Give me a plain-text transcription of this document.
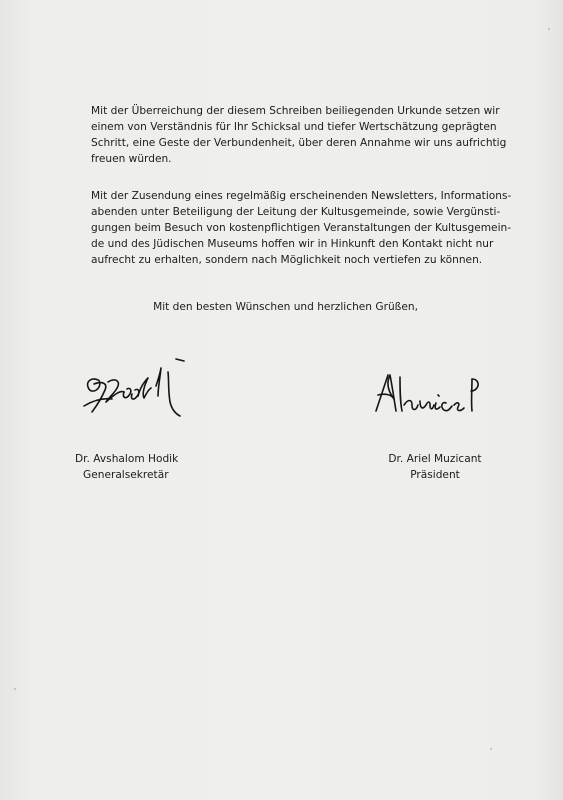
Mit der Überreichung der diesem Schreiben beiliegenden Urkunde setzen wir
einem von Verständnis für Ihr Schicksal und tiefer Wertschätzung geprägten
Schritt, eine Geste der Verbundenheit, über deren Annahme wir uns aufrichtig
freuen würden.

Mit der Zusendung eines regelmäßig erscheinenden Newsletters, Informations-
abenden unter Beteiligung der Leitung der Kultusgemeinde, sowie Vergünsti-
gungen beim Besuch von kostenpflichtigen Veranstaltungen der Kultusgemein-
de und des Jüdischen Museums hoffen wir in Hinkunft den Kontakt nicht nur
aufrecht zu erhalten, sondern nach Möglichkeit noch vertiefen zu können.

Mit den besten Wünschen und herzlichen Grüßen,

Dr. Avshalom Hodik
Generalsekretär

Dr. Ariel Muzicant
Präsident
